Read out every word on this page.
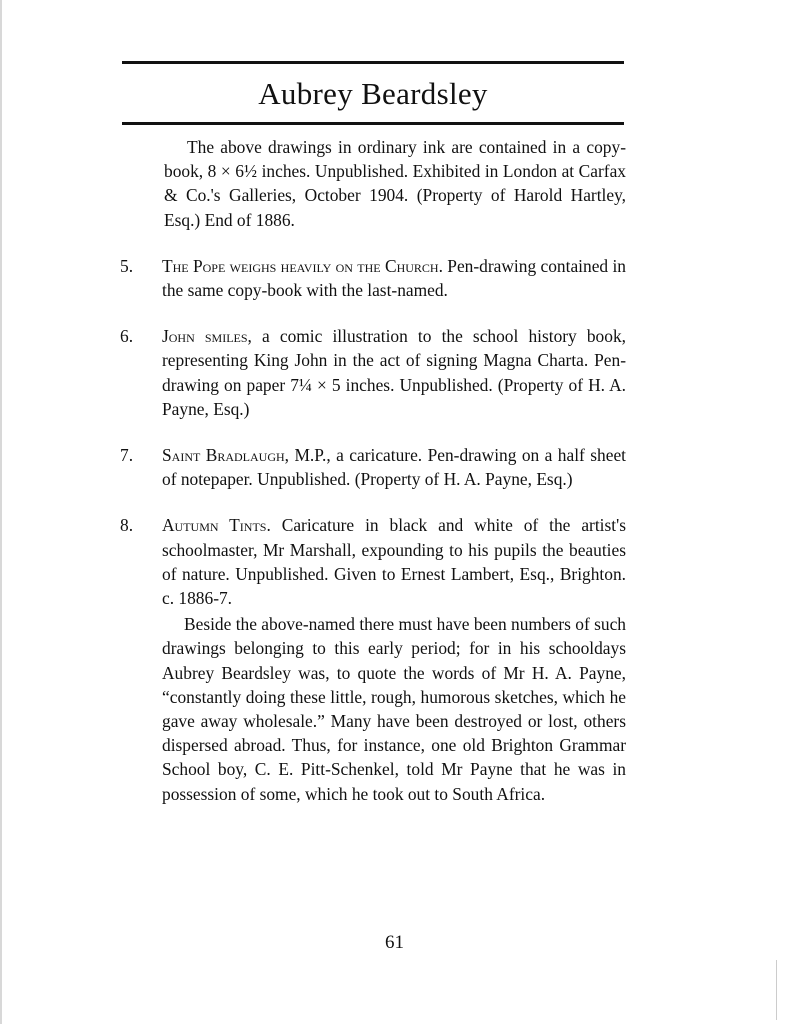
Aubrey Beardsley

The above drawings in ordinary ink are contained in a copy-book, 8 × 6½ inches. Unpublished. Exhibited in London at Carfax & Co.'s Galleries, October 1904. (Property of Harold Hartley, Esq.) End of 1886.

5.	The Pope weighs heavily on the Church. Pen-drawing contained in the same copy-book with the last-named.

6.	John smiles, a comic illustration to the school history book, representing King John in the act of signing Magna Charta. Pen-drawing on paper 7¼ × 5 inches. Unpublished. (Property of H. A. Payne, Esq.)

7.	Saint Bradlaugh, M.P., a caricature. Pen-drawing on a half sheet of notepaper. Unpublished. (Property of H. A. Payne, Esq.)

8.	Autumn Tints. Caricature in black and white of the artist's schoolmaster, Mr Marshall, expounding to his pupils the beauties of nature. Unpublished. Given to Ernest Lambert, Esq., Brighton. c. 1886-7.

Beside the above-named there must have been numbers of such drawings belonging to this early period; for in his schooldays Aubrey Beardsley was, to quote the words of Mr H. A. Payne, “constantly doing these little, rough, humorous sketches, which he gave away wholesale.” Many have been destroyed or lost, others dispersed abroad. Thus, for instance, one old Brighton Grammar School boy, C. E. Pitt-Schenkel, told Mr Payne that he was in possession of some, which he took out to South Africa.

61
